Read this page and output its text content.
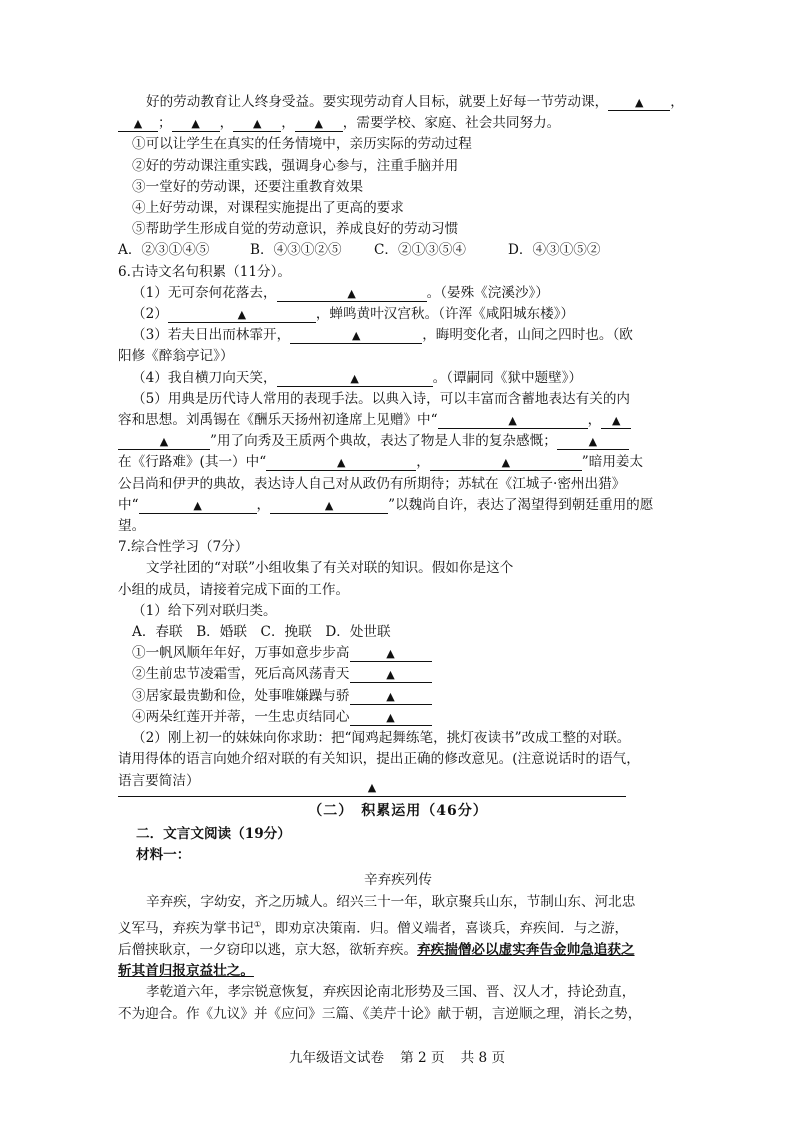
好的劳动教育让人终身受益。要实现劳动育人目标，就要上好每一节劳动课， ▲ ，

▲ ； ▲ ， ▲ ， ▲ ，需要学校、家庭、社会共同努力。

①可以让学生在真实的任务情境中，亲历实际的劳动过程

②好的劳动课注重实践，强调身心参与，注重手脑并用

③一堂好的劳动课，还要注重教育效果

④上好劳动课，对课程实施提出了更高的要求

⑤帮助学生形成自觉的劳动意识，养成良好的劳动习惯

A．②③①④⑤	B．④③①②⑤ C．②①③⑤④	D．④③①⑤②

6.古诗文名句积累（11分）。

（1）无可奈何花落去，	▲	。（晏殊《浣溪沙》）

（2）	▲	，蝉鸣黄叶汉宫秋。（许浑《咸阳城东楼》）

（3）若夫日出而林霏开，	▲	，晦明变化者，山间之四时也。（欧

阳修《醉翁亭记》）

（4）我自横刀向天笑，	▲	。（谭嗣同《狱中题壁》）

（5）用典是历代诗人常用的表现手法。以典入诗，可以丰富而含蓄地表达有关的内

容和思想。刘禹锡在《酬乐天扬州初逢席上见赠》中“	▲	， ▲

▲	”用了向秀及王质两个典故，表达了物是人非的复杂感慨；	▲

在《行路难》(其一）中“	▲	，	▲	”暗用姜太

公吕尚和伊尹的典故，表达诗人自己对从政仍有所期待；苏轼在《江城子·密州出猎》

中“	▲	，	▲	”以魏尚自许，表达了渴望得到朝廷重用的愿

望。

7.综合性学习（7分）

文学社团的“对联”小组收集了有关对联的知识。假如你是这个

小组的成员，请接着完成下面的工作。

（1）给下列对联归类。

A．春联　B．婚联　C．挽联　D．处世联

①一帆风顺年年好，万事如意步步高	▲

②生前忠节凌霜雪，死后高风荡青天	▲

③居家最贵勤和俭，处事唯嫌躁与骄	▲

④两朵红莲开并蒂，一生忠贞结同心	▲

（2）刚上初一的妹妹向你求助：把“闻鸡起舞练笔，挑灯夜读书”改成工整的对联。

请用得体的语言向她介绍对联的有关知识，提出正确的修改意见。(注意说话时的语气，

语言要简洁）	▲
（二）　积累运用（46分）

二．文言文阅读（19分）

材料一：

辛弃疾列传

辛弃疾，字幼安，齐之历城人。绍兴三十一年，耿京聚兵山东，节制山东、河北忠

义军马，弃疾为掌书记①，即劝京决策南．归。僧义端者，喜谈兵，弃疾间．与之游，

后僧挟耿京，一夕窃印以逃，京大怒，欲斩弃疾。弃疾揣僧必以虚实奔告金帅急追获之

斩其首归报京益壮之。

孝乾道六年，孝宗锐意恢复，弃疾因论南北形势及三国、晋、汉人才，持论劲直，

不为迎合。作《九议》并《应问》三篇、《美芹十论》献于朝，言逆顺之理，消长之势，

九年级语文试卷 第 2 页 共 8 页
